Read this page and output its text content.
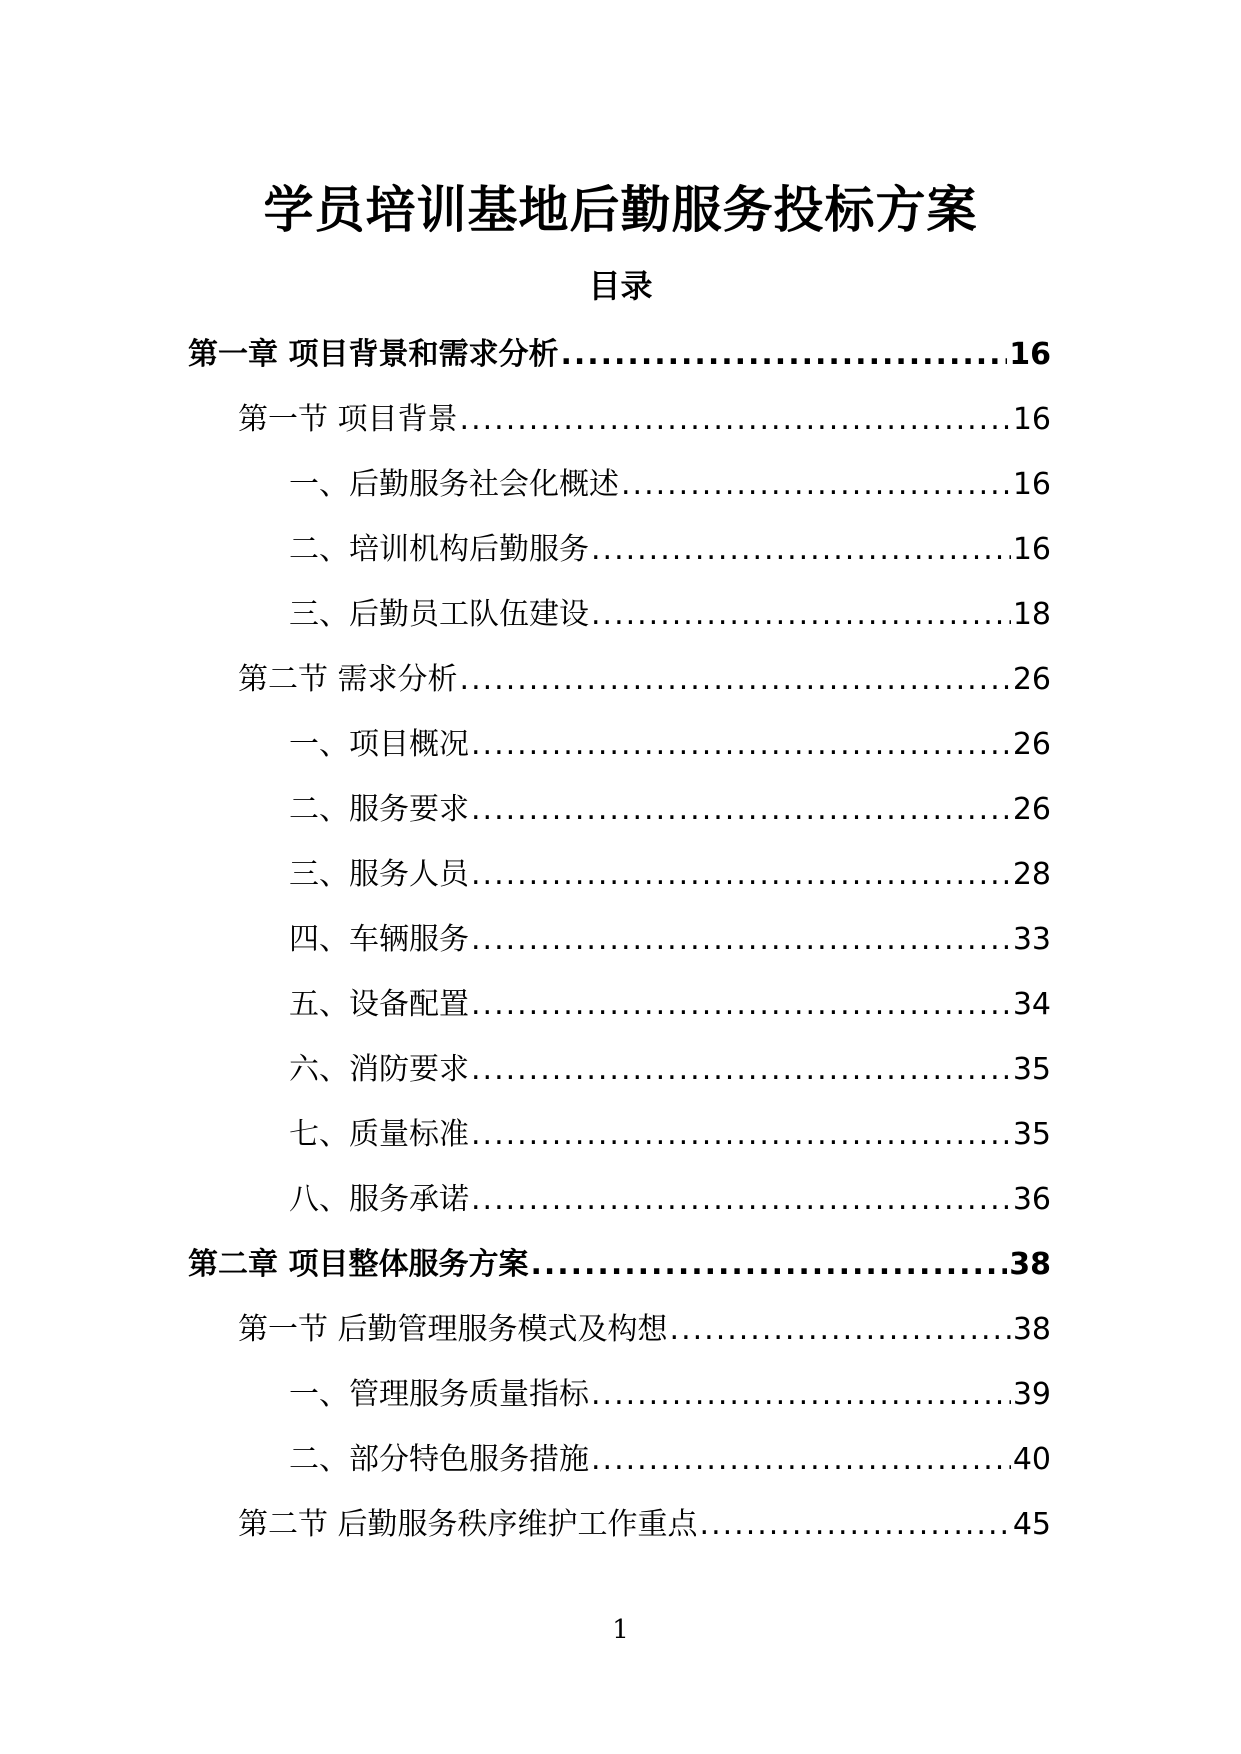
学员培训基地后勤服务投标方案
目录
第一章 项目背景和需求分析 .....	16
第一节 项目背景 .....	16
一、后勤服务社会化概述 .....	16
二、培训机构后勤服务 .....	16
三、后勤员工队伍建设 .....	18
第二节 需求分析 .....	26
一、项目概况 .....	26
二、服务要求 .....	26
三、服务人员 .....	28
四、车辆服务 .....	33
五、设备配置 .....	34
六、消防要求 .....	35
七、质量标准 .....	35
八、服务承诺 .....	36
第二章 项目整体服务方案 .....	38
第一节 后勤管理服务模式及构想 .....	38
一、管理服务质量指标 .....	39
二、部分特色服务措施 .....	40
第二节 后勤服务秩序维护工作重点 .....	45
1
